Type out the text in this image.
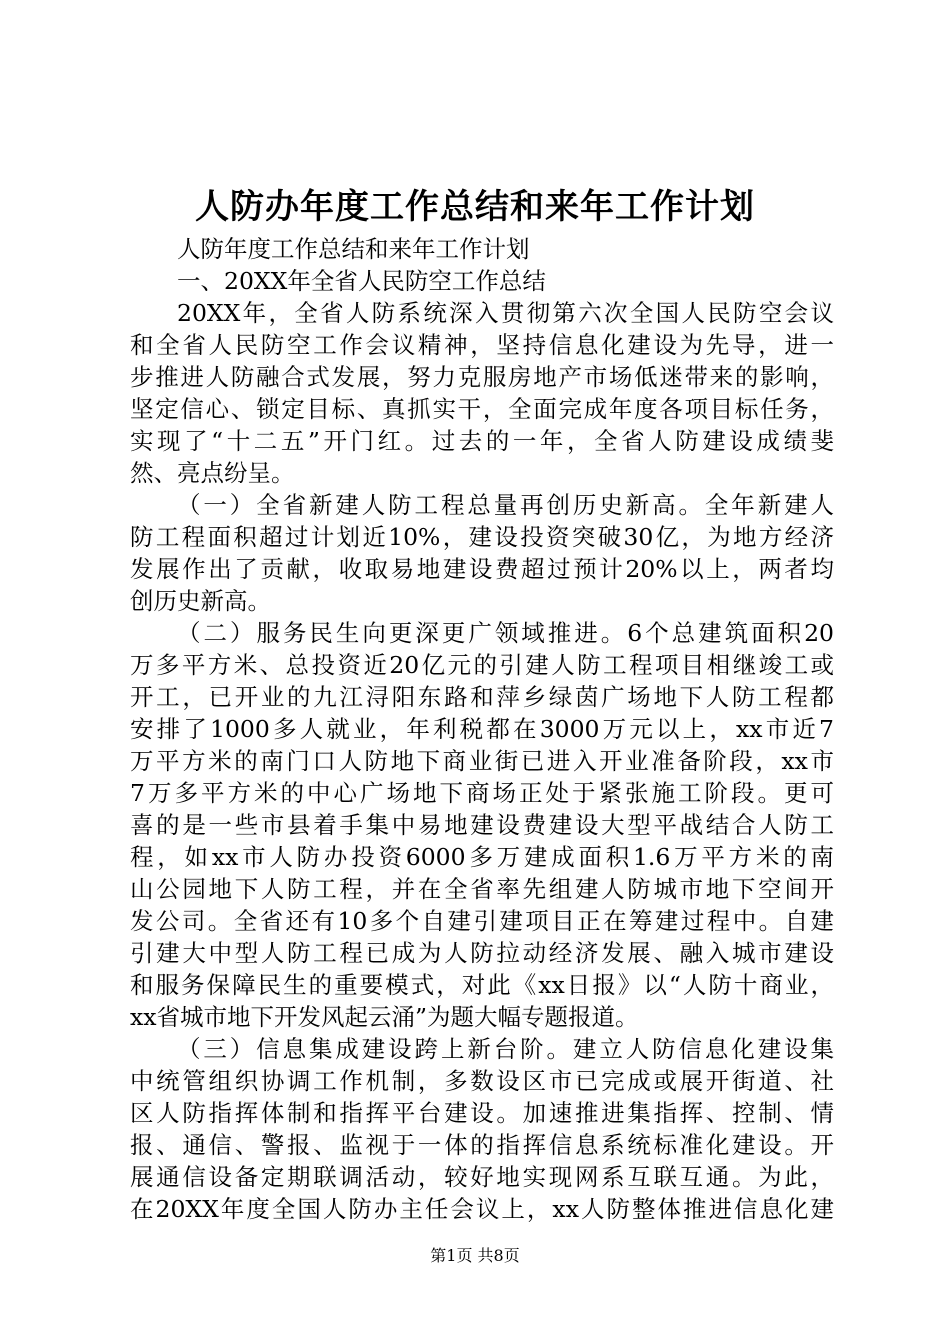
人防办年度工作总结和来年工作计划
人防年度工作总结和来年工作计划
一、20XX年全省人民防空工作总结
20XX年，全省人防系统深入贯彻第六次全国人民防空会议
和全省人民防空工作会议精神，坚持信息化建设为先导，进一
步推进人防融合式发展，努力克服房地产市场低迷带来的影响，
坚定信心、锁定目标、真抓实干，全面完成年度各项目标任务，
实现了“十二五”开门红。过去的一年，全省人防建设成绩斐
然、亮点纷呈。
（一）全省新建人防工程总量再创历史新高。全年新建人
防工程面积超过计划近10%，建设投资突破30亿，为地方经济
发展作出了贡献，收取易地建设费超过预计20%以上，两者均
创历史新高。
（二）服务民生向更深更广领域推进。6个总建筑面积20
万多平方米、总投资近20亿元的引建人防工程项目相继竣工或
开工，已开业的九江浔阳东路和萍乡绿茵广场地下人防工程都
安排了1000多人就业，年利税都在3000万元以上，xx市近7
万平方米的南门口人防地下商业街已进入开业准备阶段，xx市
7万多平方米的中心广场地下商场正处于紧张施工阶段。更可
喜的是一些市县着手集中易地建设费建设大型平战结合人防工
程，如xx市人防办投资6000多万建成面积1.6万平方米的南
山公园地下人防工程，并在全省率先组建人防城市地下空间开
发公司。全省还有10多个自建引建项目正在筹建过程中。自建
引建大中型人防工程已成为人防拉动经济发展、融入城市建设
和服务保障民生的重要模式，对此《xx日报》以“人防十商业，
xx省城市地下开发风起云涌”为题大幅专题报道。
（三）信息集成建设跨上新台阶。建立人防信息化建设集
中统管组织协调工作机制，多数设区市已完成或展开街道、社
区人防指挥体制和指挥平台建设。加速推进集指挥、控制、情
报、通信、警报、监视于一体的指挥信息系统标准化建设。开
展通信设备定期联调活动，较好地实现网系互联互通。为此，
在20XX年度全国人防办主任会议上，xx人防整体推进信息化建
第1页 共8页
